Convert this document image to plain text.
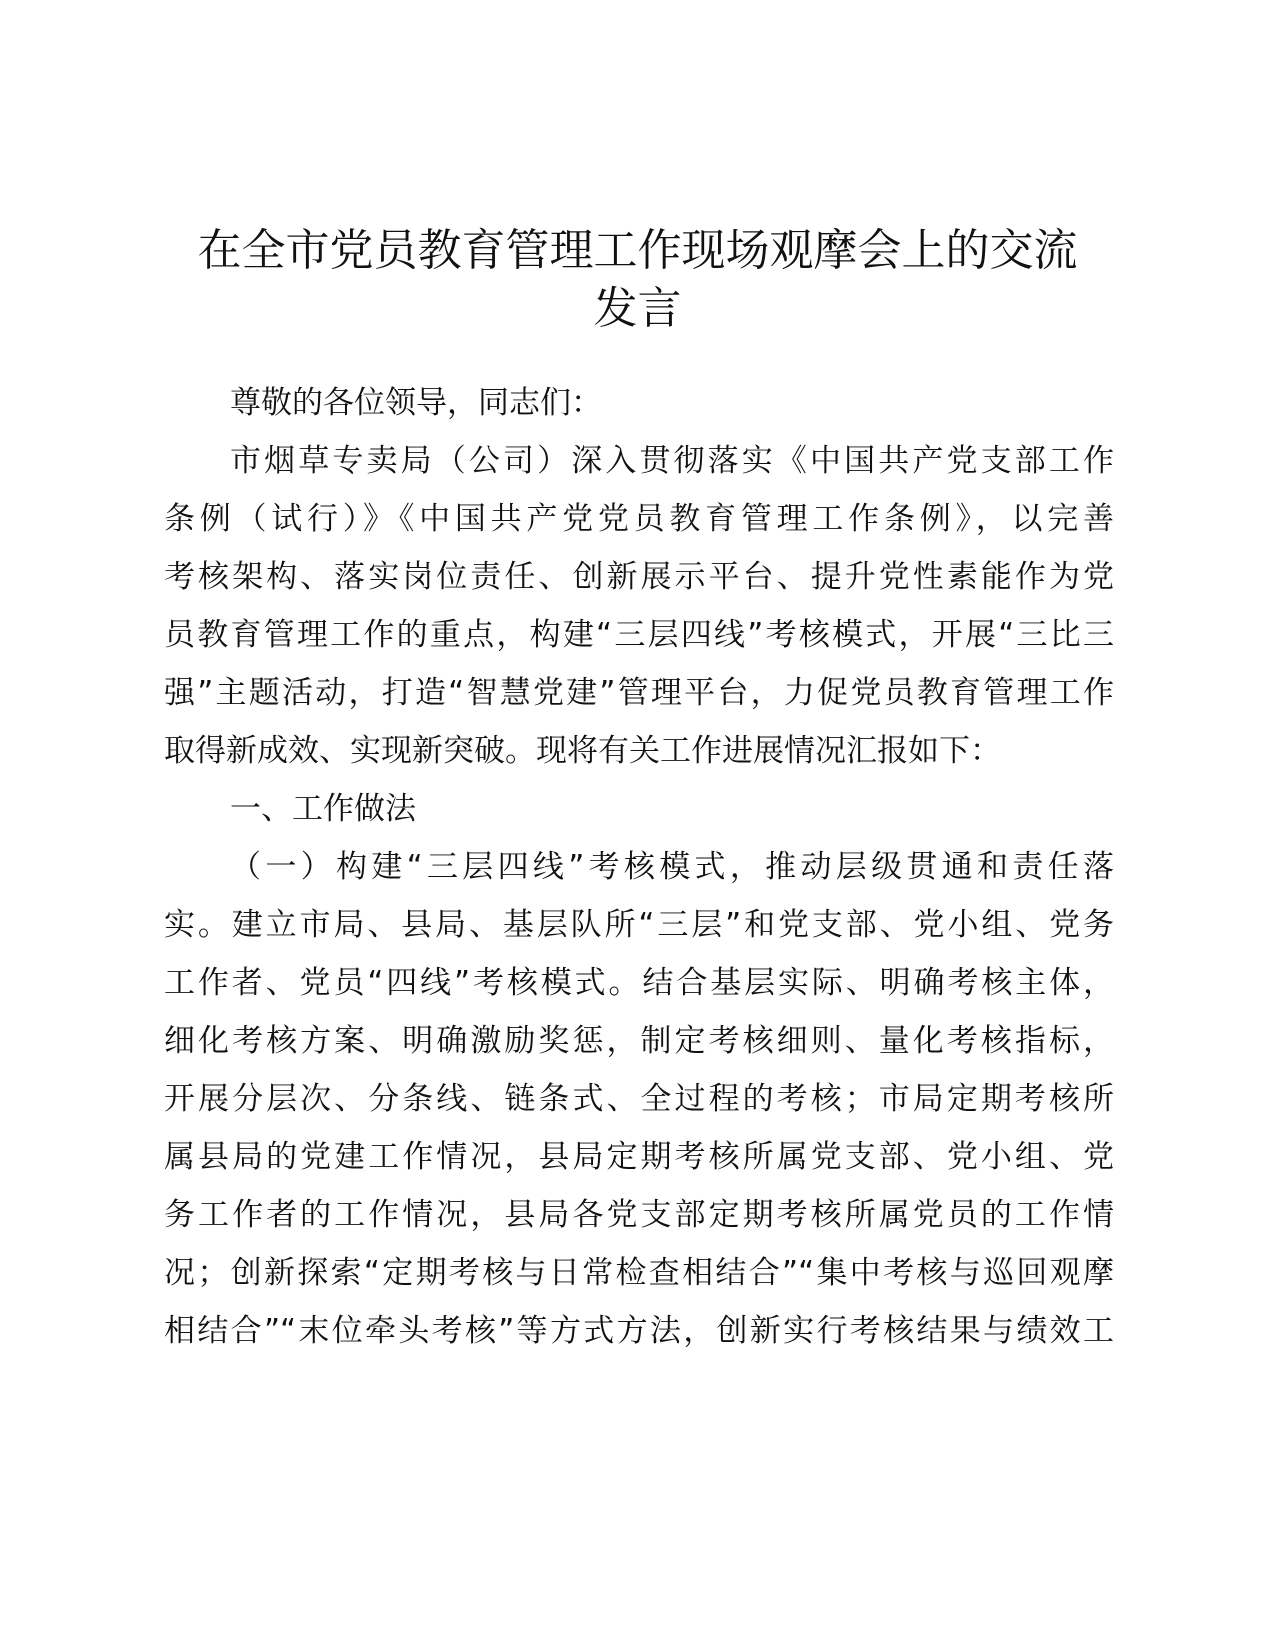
在全市党员教育管理工作现场观摩会上的交流
发言
尊敬的各位领导，同志们：
市烟草专卖局（公司）深入贯彻落实《中国共产党支部工作
条例（试行）》《中国共产党党员教育管理工作条例》，以完善
考核架构、落实岗位责任、创新展示平台、提升党性素能作为党
员教育管理工作的重点，构建“三层四线”考核模式，开展“三比三
强”主题活动，打造“智慧党建”管理平台，力促党员教育管理工作
取得新成效、实现新突破。现将有关工作进展情况汇报如下：
一、工作做法
（一）构建“三层四线”考核模式，推动层级贯通和责任落
实。建立市局、县局、基层队所“三层”和党支部、党小组、党务
工作者、党员“四线”考核模式。结合基层实际、明确考核主体，
细化考核方案、明确激励奖惩，制定考核细则、量化考核指标，
开展分层次、分条线、链条式、全过程的考核；市局定期考核所
属县局的党建工作情况，县局定期考核所属党支部、党小组、党
务工作者的工作情况，县局各党支部定期考核所属党员的工作情
况；创新探索“定期考核与日常检查相结合”“集中考核与巡回观摩
相结合”“末位牵头考核”等方式方法，创新实行考核结果与绩效工
